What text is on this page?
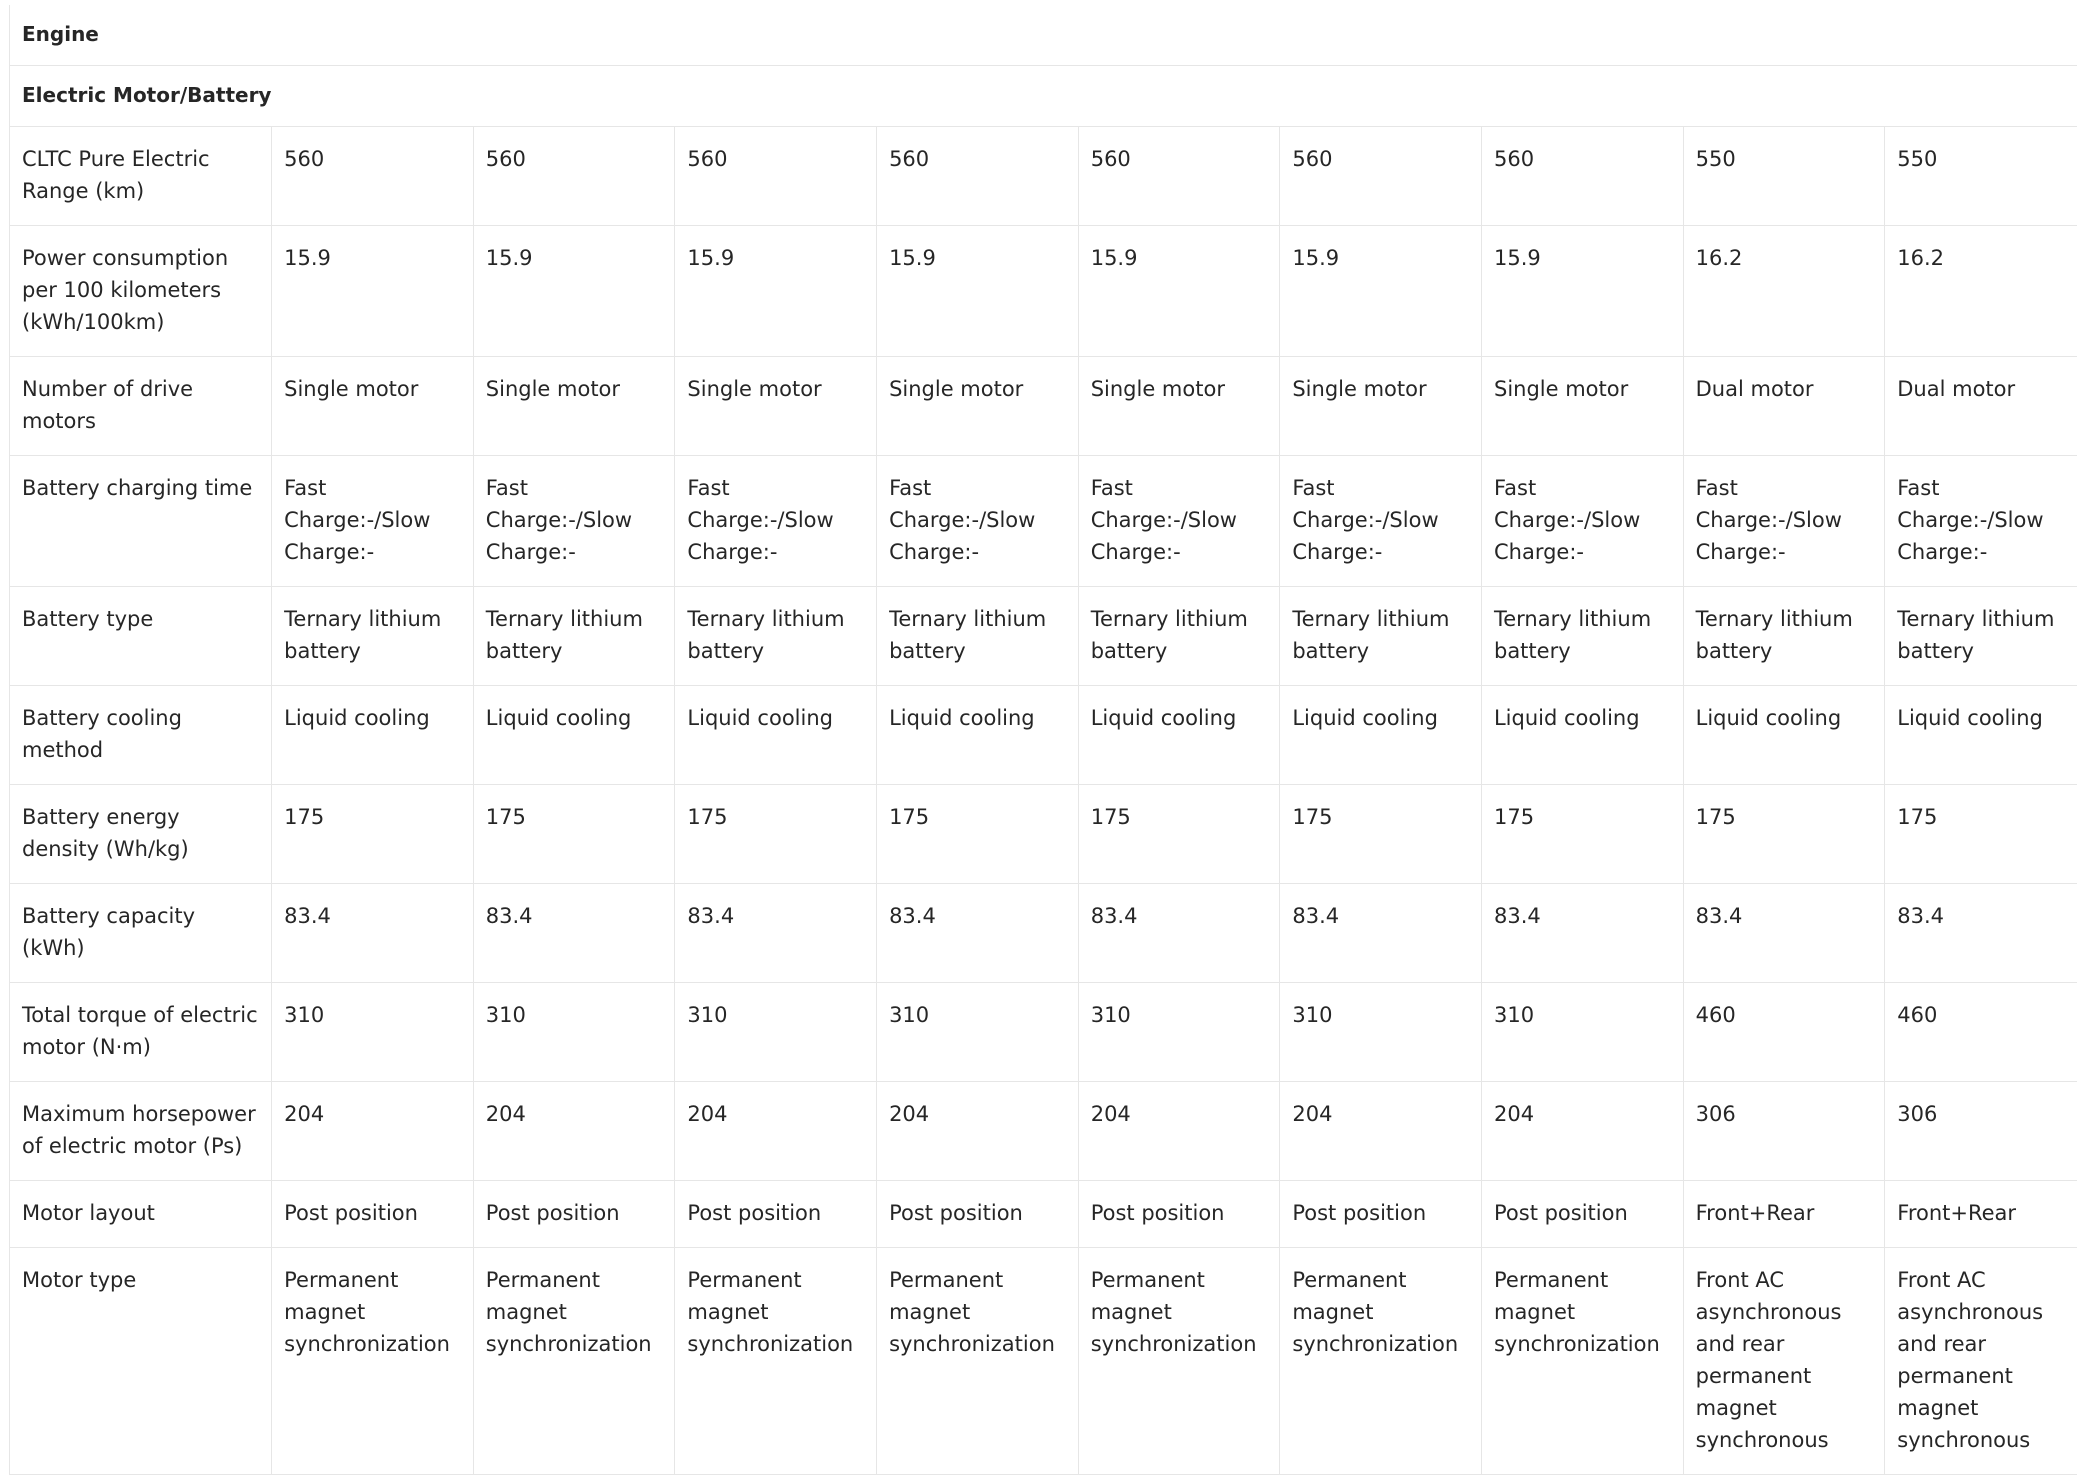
Engine									
Electric Motor/Battery									
CLTC Pure Electric Range (km)	560	560	560	560	560	560	560	550	550
Power consumption per 100 kilometers (kWh/100km)	15.9	15.9	15.9	15.9	15.9	15.9	15.9	16.2	16.2
Number of drive motors	Single motor	Single motor	Single motor	Single motor	Single motor	Single motor	Single motor	Dual motor	Dual motor
Battery charging time	Fast Charge:-/Slow Charge:-	Fast Charge:-/Slow Charge:-	Fast Charge:-/Slow Charge:-	Fast Charge:-/Slow Charge:-	Fast Charge:-/Slow Charge:-	Fast Charge:-/Slow Charge:-	Fast Charge:-/Slow Charge:-	Fast Charge:-/Slow Charge:-	Fast Charge:-/Slow Charge:-
Battery type	Ternary lithium battery	Ternary lithium battery	Ternary lithium battery	Ternary lithium battery	Ternary lithium battery	Ternary lithium battery	Ternary lithium battery	Ternary lithium battery	Ternary lithium battery
Battery cooling method	Liquid cooling	Liquid cooling	Liquid cooling	Liquid cooling	Liquid cooling	Liquid cooling	Liquid cooling	Liquid cooling	Liquid cooling
Battery energy density (Wh/kg)	175	175	175	175	175	175	175	175	175
Battery capacity (kWh)	83.4	83.4	83.4	83.4	83.4	83.4	83.4	83.4	83.4
Total torque of electric motor (N·m)	310	310	310	310	310	310	310	460	460
Maximum horsepower of electric motor (Ps)	204	204	204	204	204	204	204	306	306
Motor layout	Post position	Post position	Post position	Post position	Post position	Post position	Post position	Front+Rear	Front+Rear
Motor type	Permanent magnet synchronization	Permanent magnet synchronization	Permanent magnet synchronization	Permanent magnet synchronization	Permanent magnet synchronization	Permanent magnet synchronization	Permanent magnet synchronization	Front AC asynchronous and rear permanent magnet synchronous	Front AC asynchronous and rear permanent magnet synchronous
